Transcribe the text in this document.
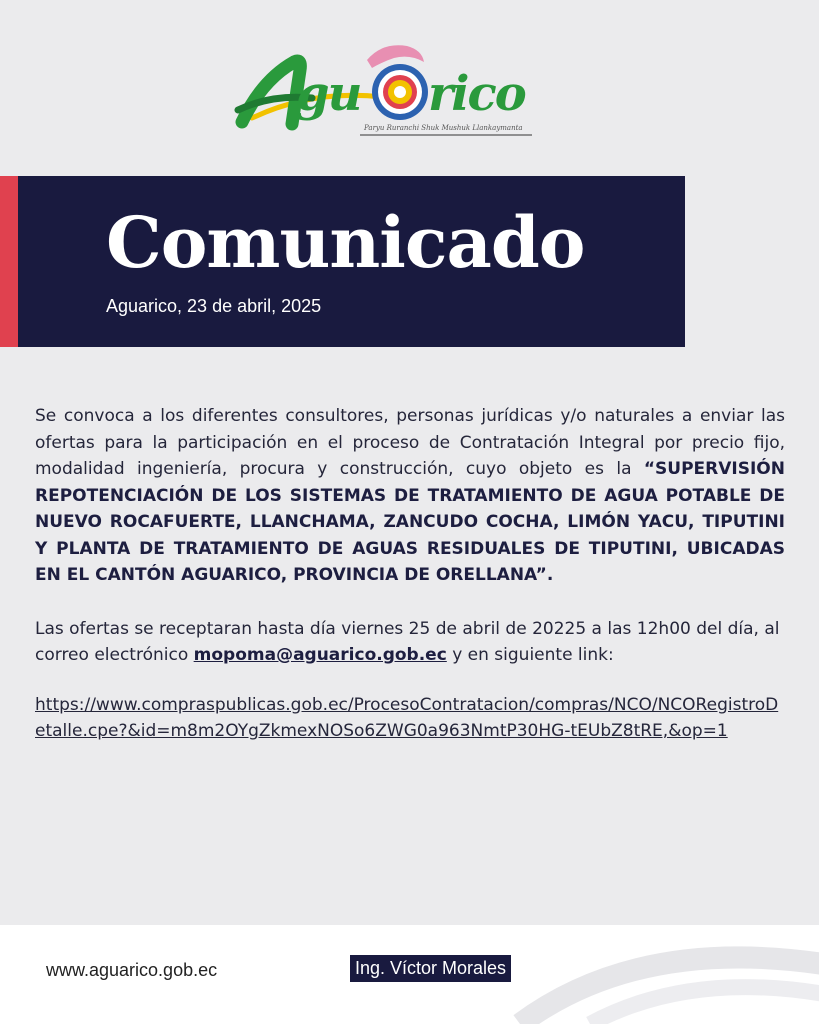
gu rico
Paryu Ruranchi Shuk Mushuk Llankaymanta
Comunicado
Aguarico, 23 de abril, 2025

Se convoca a los diferentes consultores, personas jurídicas y/o naturales a enviar las ofertas para la participación en el proceso de Contratación Integral por precio fijo, modalidad ingeniería, procura y construcción, cuyo objeto es la “SUPERVISIÓN REPOTENCIACIÓN DE LOS SISTEMAS DE TRATAMIENTO DE AGUA POTABLE DE NUEVO ROCAFUERTE, LLANCHAMA, ZANCUDO COCHA, LIMÓN YACU, TIPUTINI Y PLANTA DE TRATAMIENTO DE AGUAS RESIDUALES DE TIPUTINI, UBICADAS EN EL CANTÓN AGUARICO, PROVINCIA DE ORELLANA”.

Las ofertas se receptaran hasta día viernes 25 de abril de 20225 a las 12h00 del día, al correo electrónico mopoma@aguarico.gob.ec y en siguiente link:

https://www.compraspublicas.gob.ec/ProcesoContratacion/compras/NCO/NCORegistroDetalle.cpe?&id=m8m2OYgZkmexNOSo6ZWG0a963NmtP30HG-tEUbZ8tRE,&op=1

www.aguarico.gob.ec	Ing. Víctor Morales
